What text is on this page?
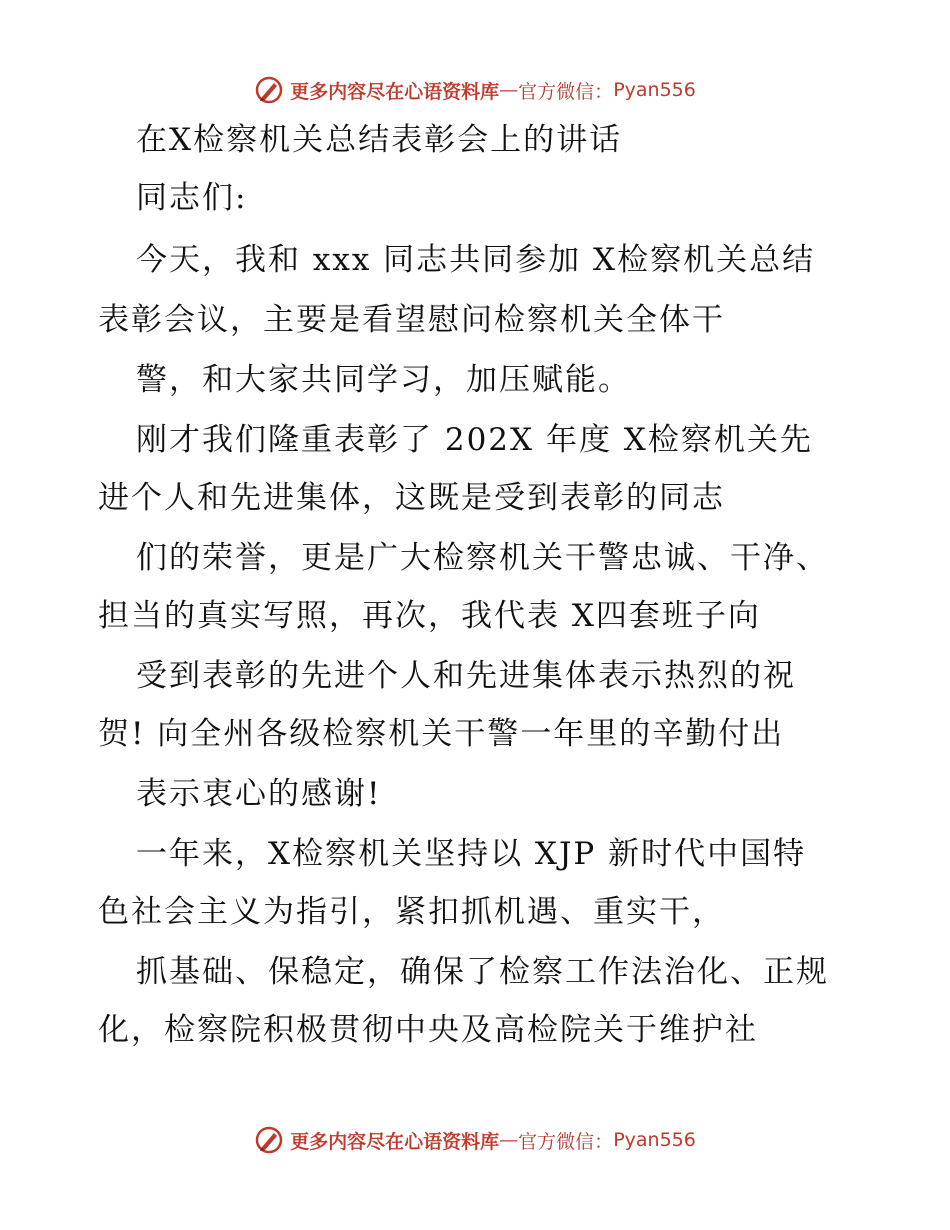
更多内容尽在心语资料库 — 官方微信： Pyan556
在X检察机关总结表彰会上的讲话
同志们:
今天，我和 xxx 同志共同参加 X检察机关总结
表彰会议，主要是看望慰问检察机关全体干
警，和大家共同学习，加压赋能。
刚才我们隆重表彰了 202X 年度 X检察机关先
进个人和先进集体，这既是受到表彰的同志
们的荣誉，更是广大检察机关干警忠诚、干净、
担当的真实写照，再次，我代表 X四套班子向
受到表彰的先进个人和先进集体表示热烈的祝
贺! 向全州各级检察机关干警一年里的辛勤付出
表示衷心的感谢!
一年来，X检察机关坚持以 XJP 新时代中国特
色社会主义为指引，紧扣抓机遇、重实干，
抓基础、保稳定，确保了检察工作法治化、正规
化，检察院积极贯彻中央及高检院关于维护社
更多内容尽在心语资料库 — 官方微信： Pyan556
